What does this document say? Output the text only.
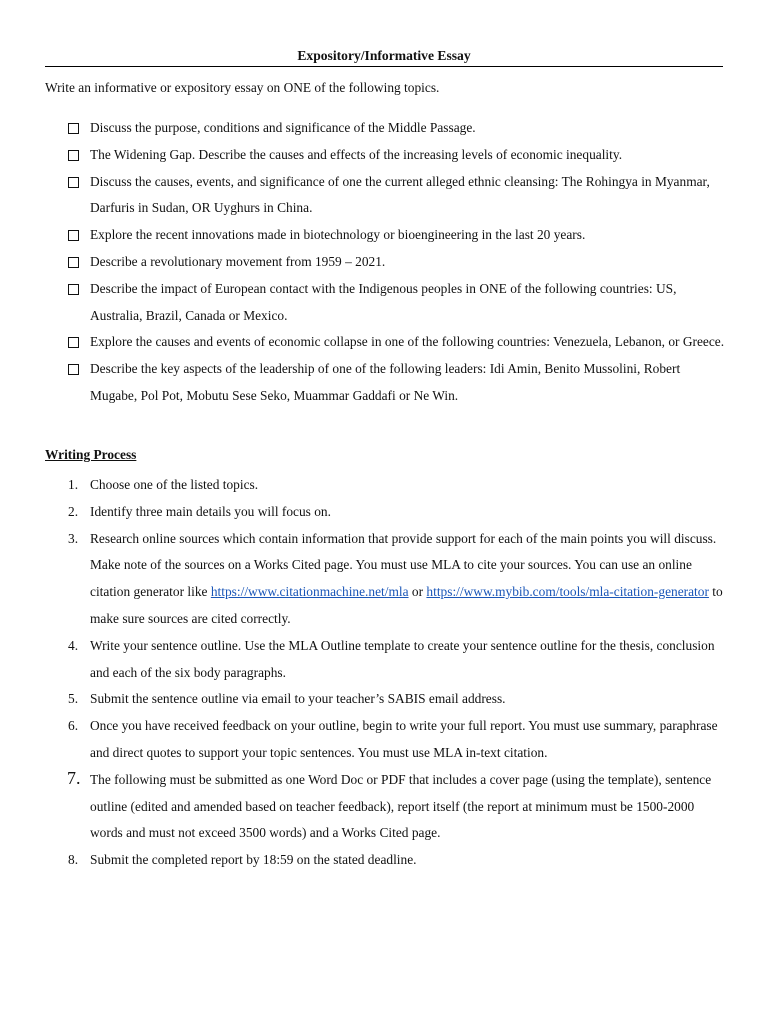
Expository/Informative Essay
Write an informative or expository essay on ONE of the following topics.
Discuss the purpose, conditions and significance of the Middle Passage.
The Widening Gap. Describe the causes and effects of the increasing levels of economic inequality.
Discuss the causes, events, and significance of one the current alleged ethnic cleansing: The Rohingya in Myanmar, Darfuris in Sudan, OR Uyghurs in China.
Explore the recent innovations made in biotechnology or bioengineering in the last 20 years.
Describe a revolutionary movement from 1959 – 2021.
Describe the impact of European contact with the Indigenous peoples in ONE of the following countries: US, Australia, Brazil, Canada or Mexico.
Explore the causes and events of economic collapse in one of the following countries: Venezuela, Lebanon, or Greece.
Describe the key aspects of the leadership of one of the following leaders: Idi Amin, Benito Mussolini, Robert Mugabe, Pol Pot, Mobutu Sese Seko, Muammar Gaddafi or Ne Win.
Writing Process
1. Choose one of the listed topics.
2. Identify three main details you will focus on.
3. Research online sources which contain information that provide support for each of the main points you will discuss. Make note of the sources on a Works Cited page. You must use MLA to cite your sources. You can use an online citation generator like https://www.citationmachine.net/mla or https://www.mybib.com/tools/mla-citation-generator to make sure sources are cited correctly.
4. Write your sentence outline. Use the MLA Outline template to create your sentence outline for the thesis, conclusion and each of the six body paragraphs.
5. Submit the sentence outline via email to your teacher’s SABIS email address.
6. Once you have received feedback on your outline, begin to write your full report. You must use summary, paraphrase and direct quotes to support your topic sentences. You must use MLA in-text citation.
7. The following must be submitted as one Word Doc or PDF that includes a cover page (using the template), sentence outline (edited and amended based on teacher feedback), report itself (the report at minimum must be 1500-2000 words and must not exceed 3500 words) and a Works Cited page.
8. Submit the completed report by 18:59 on the stated deadline.
